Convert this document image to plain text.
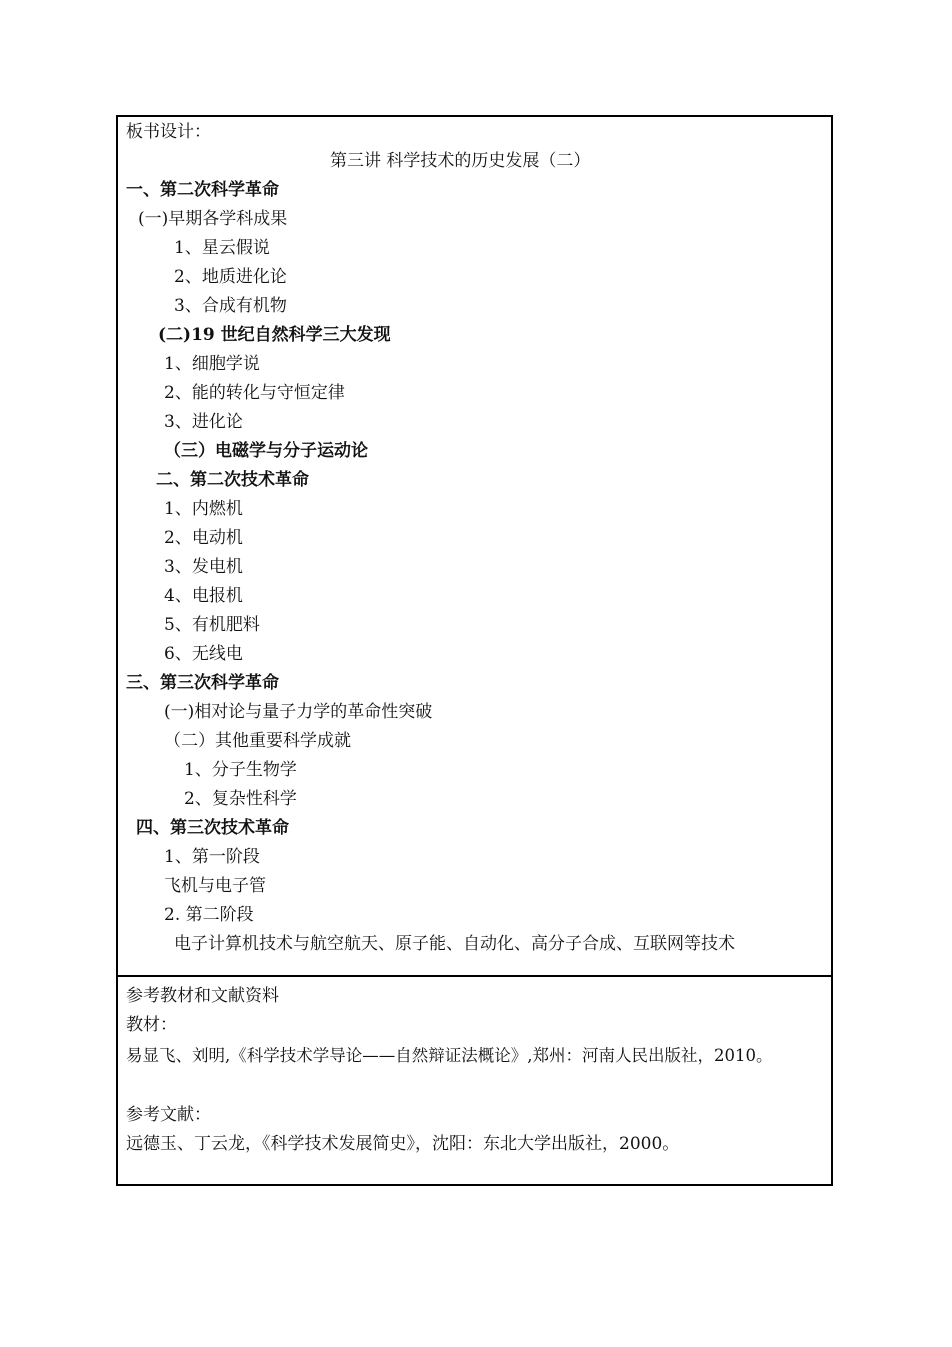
板书设计：
第三讲 科学技术的历史发展（二）
一、第二次科学革命
(一)早期各学科成果
1、星云假说
2、地质进化论
3、合成有机物
(二)19 世纪自然科学三大发现
1、细胞学说
2、能的转化与守恒定律
3、进化论
（三）电磁学与分子运动论
二、第二次技术革命
1、内燃机
2、电动机
3、发电机
4、电报机
5、有机肥料
6、无线电
三、第三次科学革命
(一)相对论与量子力学的革命性突破
（二）其他重要科学成就
1、分子生物学
2、复杂性科学
四、第三次技术革命
1、第一阶段
飞机与电子管
2. 第二阶段
电子计算机技术与航空航天、原子能、自动化、高分子合成、互联网等技术
参考教材和文献资料
教材：
易显飞、刘明,《科学技术学导论——自然辩证法概论》,郑州：河南人民出版社，2010。
参考文献：
远德玉、丁云龙，《科学技术发展简史》，沈阳：东北大学出版社，2000。
